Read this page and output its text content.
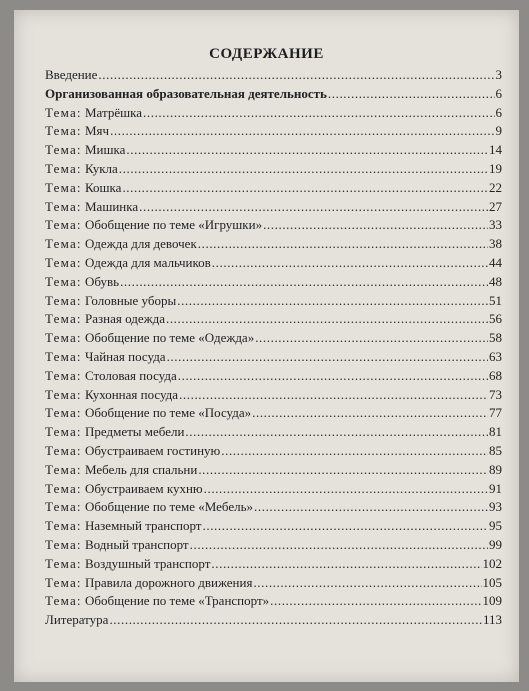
СОДЕРЖАНИЕ
Введение .....	3
Организованная образовательная деятельность .....	6
Тема: Матрёшка .....	6
Тема: Мяч .....	9
Тема: Мишка .....	14
Тема: Кукла .....	19
Тема: Кошка .....	22
Тема: Машинка .....	27
Тема: Обобщение по теме «Игрушки» .....	33
Тема: Одежда для девочек .....	38
Тема: Одежда для мальчиков .....	44
Тема: Обувь .....	48
Тема: Головные уборы .....	51
Тема: Разная одежда .....	56
Тема: Обобщение по теме «Одежда» .....	58
Тема: Чайная посуда .....	63
Тема: Столовая посуда .....	68
Тема: Кухонная посуда .....	73
Тема: Обобщение по теме «Посуда» .....	77
Тема: Предметы мебели .....	81
Тема: Обустраиваем гостиную .....	85
Тема: Мебель для спальни .....	89
Тема: Обустраиваем кухню .....	91
Тема: Обобщение по теме «Мебель» .....	93
Тема: Наземный транспорт .....	95
Тема: Водный транспорт .....	99
Тема: Воздушный транспорт .....	102
Тема: Правила дорожного движения .....	105
Тема: Обобщение по теме «Транспорт» .....	109
Литература .....	113
